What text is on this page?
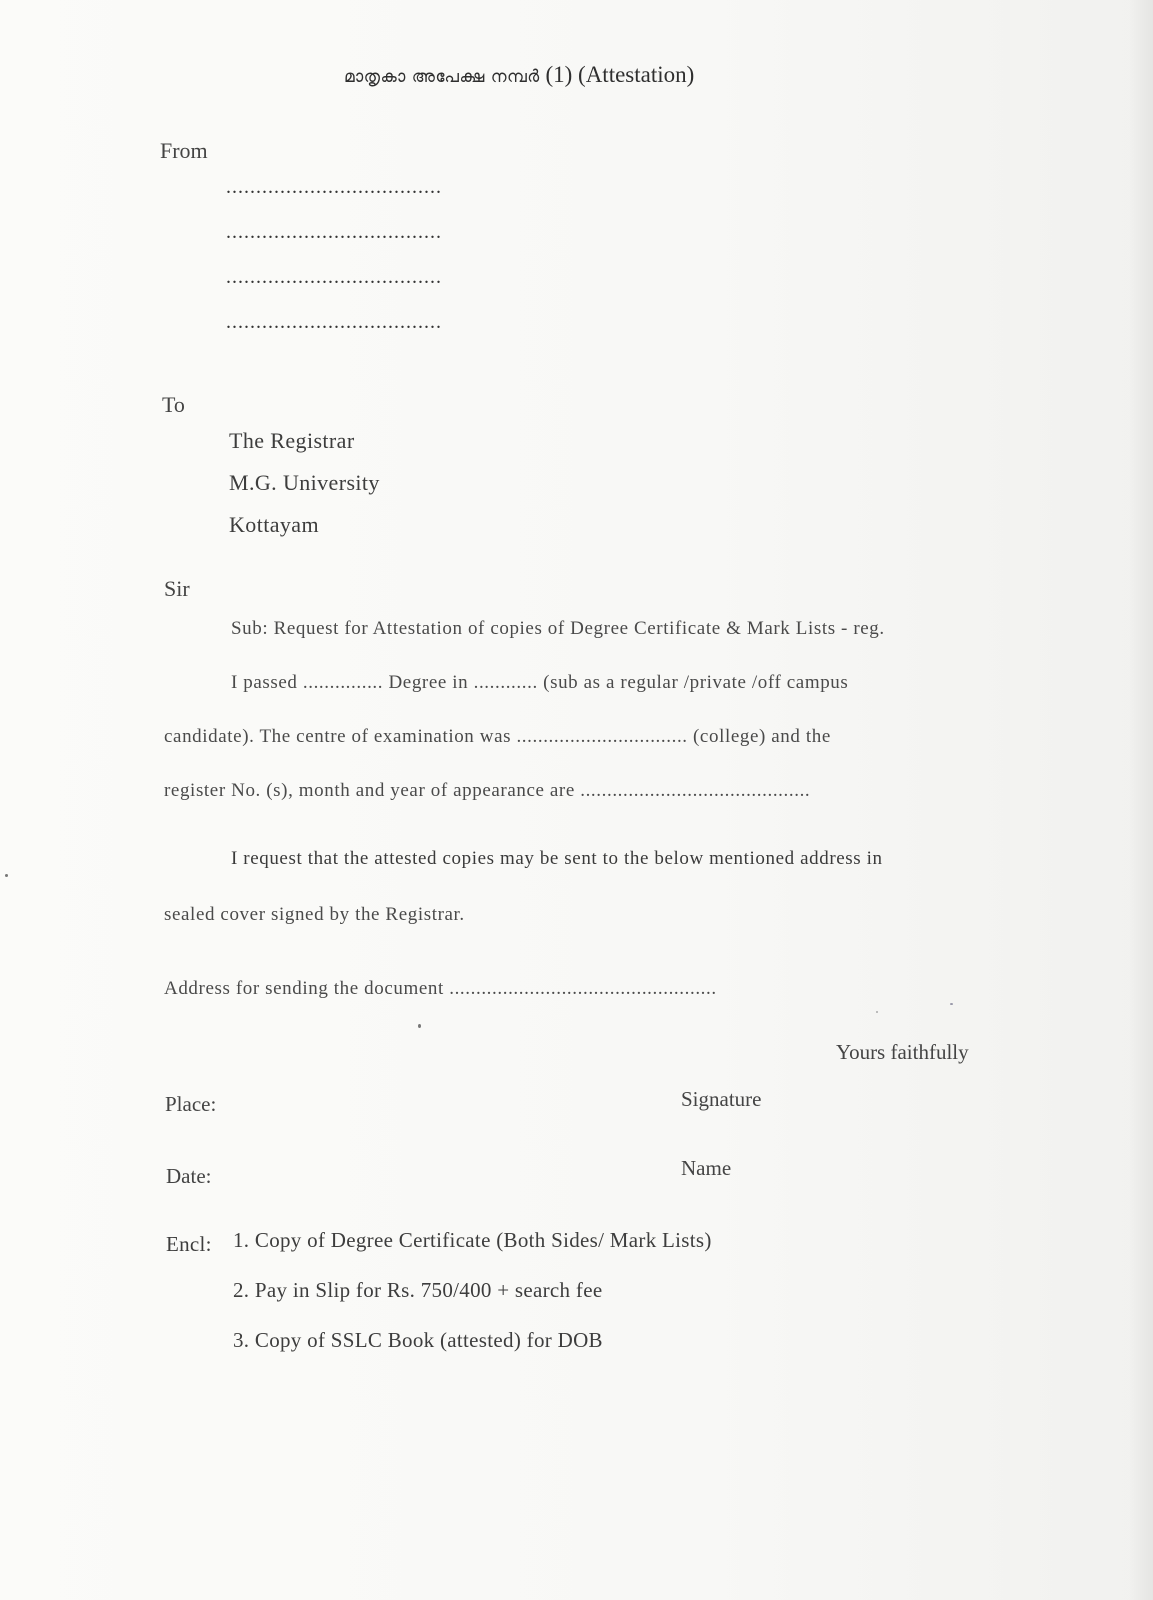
മാതൃകാ അപേക്ഷ നമ്പർ (1) (Attestation)
From
....................................
....................................
....................................
....................................
To
The Registrar
M.G. University
Kottayam
Sir
Sub: Request for Attestation of copies of Degree Certificate & Mark Lists - reg.
I passed ............... Degree in ............ (sub as a regular /private /off campus
candidate). The centre of examination was ................................ (college) and the
register No. (s), month and year of appearance are ...........................................
I request that the attested copies may be sent to the below mentioned address in
sealed cover signed by the Registrar.
Address for sending the document ..................................................
Yours faithfully
Place:	Signature
Date:	Name
Encl: 1. Copy of Degree Certificate (Both Sides/ Mark Lists)
2. Pay in Slip for Rs. 750/400 + search fee
3. Copy of SSLC Book (attested) for DOB
